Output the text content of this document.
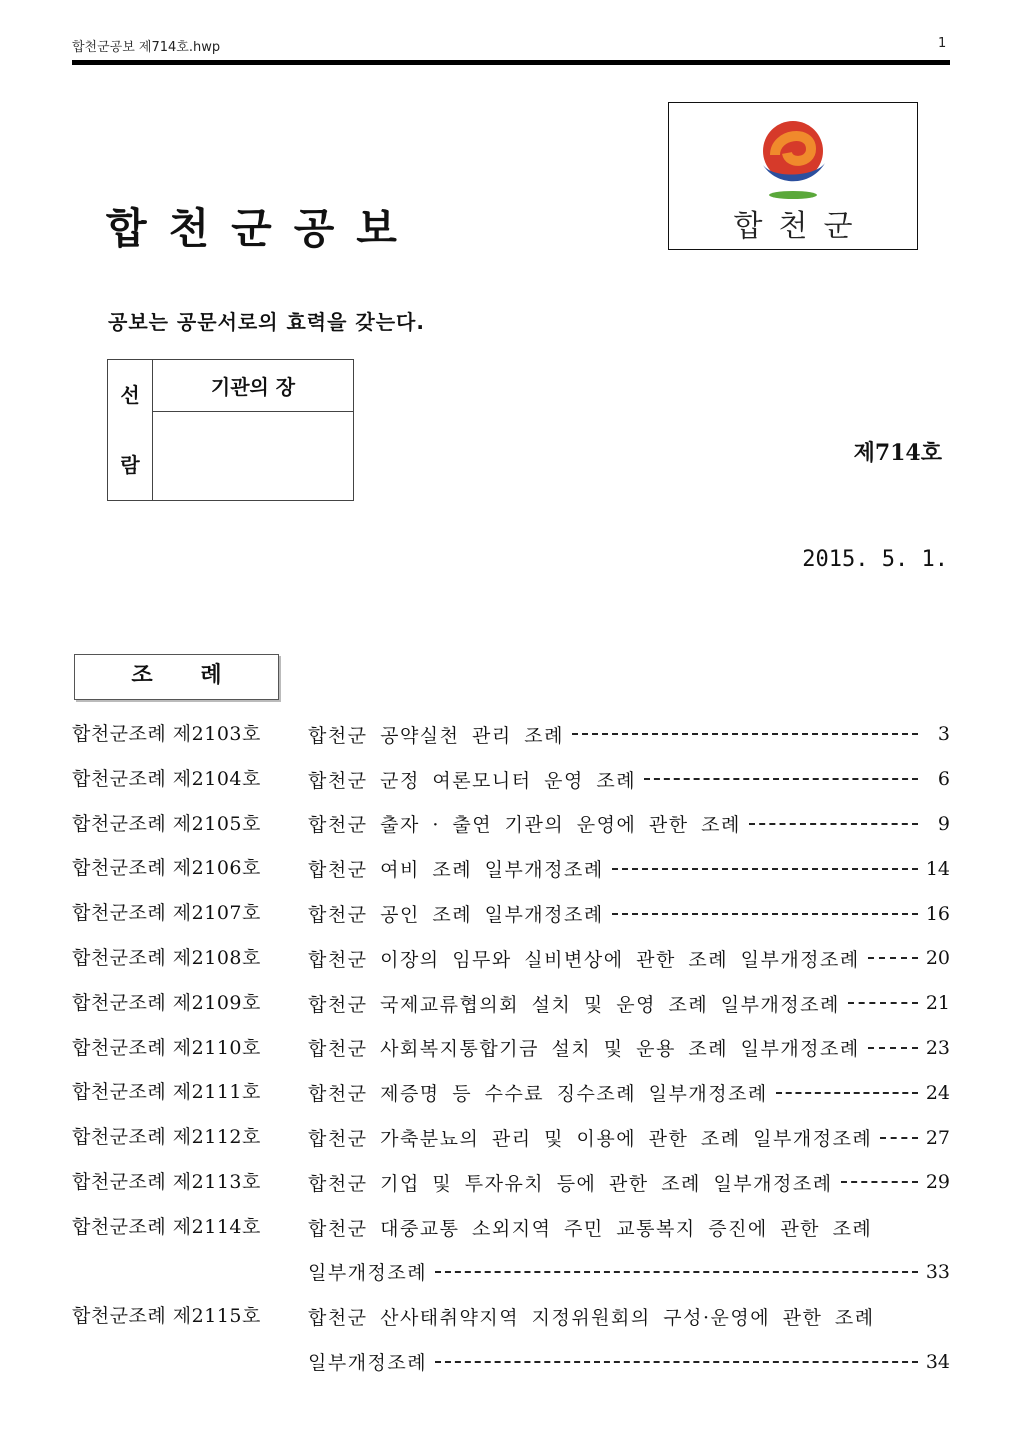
합천군공보 제714호.hwp	1
합천군
합천군공보
공보는 공문서로의 효력을 갖는다.
선
람
	기관의 장

제714호
2015. 5. 1.
조 례
합천군조례 제2103호	합천군 공약실천 관리 조례	3
합천군조례 제2104호	합천군 군정 여론모니터 운영 조례	6
합천군조례 제2105호	합천군 출자 · 출연 기관의 운영에 관한 조례	9
합천군조례 제2106호	합천군 여비 조례 일부개정조례	14
합천군조례 제2107호	합천군 공인 조례 일부개정조례	16
합천군조례 제2108호	합천군 이장의 임무와 실비변상에 관한 조례 일부개정조례	20
합천군조례 제2109호	합천군 국제교류협의회 설치 및 운영 조례 일부개정조례	21
합천군조례 제2110호	합천군 사회복지통합기금 설치 및 운용 조례 일부개정조례	23
합천군조례 제2111호	합천군 제증명 등 수수료 징수조례 일부개정조례	24
합천군조례 제2112호	합천군 가축분뇨의 관리 및 이용에 관한 조례 일부개정조례	27
합천군조례 제2113호	합천군 기업 및 투자유치 등에 관한 조례 일부개정조례	29
합천군조례 제2114호	합천군 대중교통 소외지역 주민 교통복지 증진에 관한 조례
일부개정조례	33
합천군조례 제2115호	합천군 산사태취약지역 지정위원회의 구성·운영에 관한 조례
일부개정조례	34
